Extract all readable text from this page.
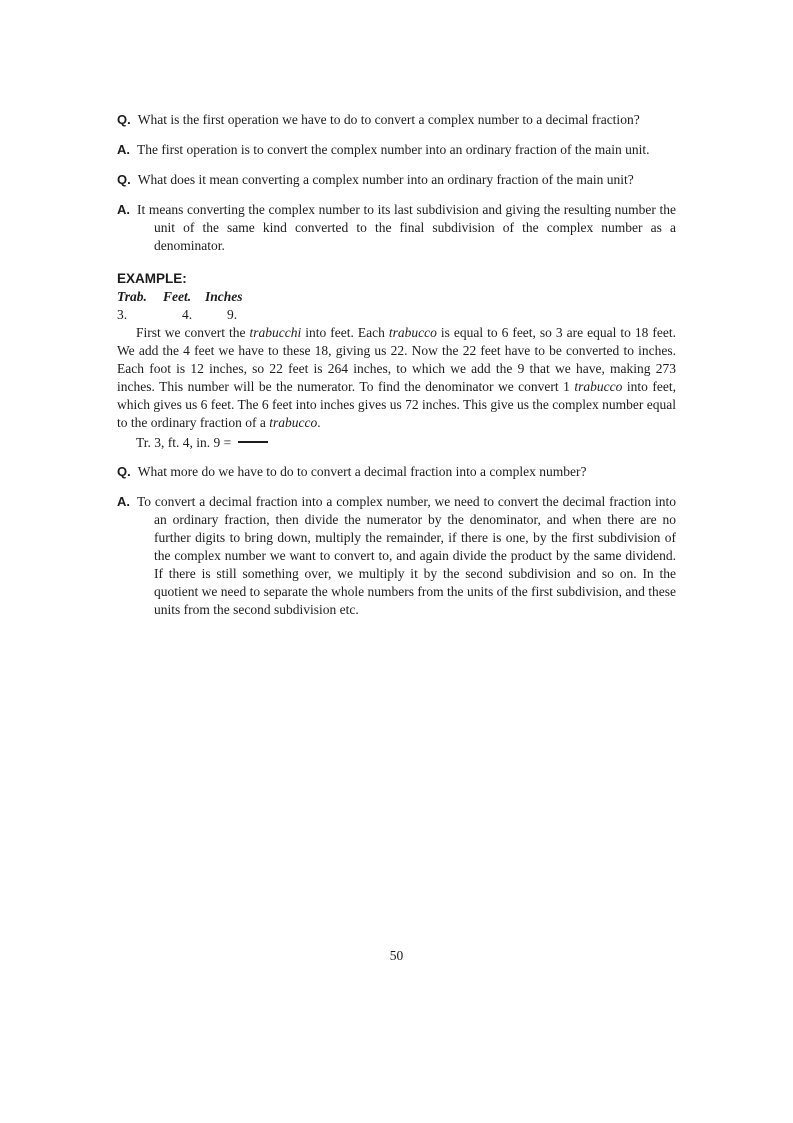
Q. What is the first operation we have to do to convert a complex number to a decimal fraction?
A. The first operation is to convert the complex number into an ordinary fraction of the main unit.
Q. What does it mean converting a complex number into an ordinary fraction of the main unit?
A. It means converting the complex number to its last subdivision and giving the resulting number the unit of the same kind converted to the final subdivision of the complex number as a denominator.
EXAMPLE:
Trab. Feet. Inches
3.	4.	9.

First we convert the trabucchi into feet. Each trabucco is equal to 6 feet, so 3 are equal to 18 feet. We add the 4 feet we have to these 18, giving us 22. Now the 22 feet have to be converted to inches. Each foot is 12 inches, so 22 feet is 264 inches, to which we add the 9 that we have, making 273 inches. This number will be the numerator. To find the denominator we convert 1 trabucco into feet, which gives us 6 feet. The 6 feet into inches gives us 72 inches. This give us the complex number equal to the ordinary fraction of a trabucco.

Tr. 3, ft. 4, in. 9 =
Q. What more do we have to do to convert a decimal fraction into a complex number?
A. To convert a decimal fraction into a complex number, we need to convert the decimal fraction into an ordinary fraction, then divide the numerator by the denominator, and when there are no further digits to bring down, multiply the remainder, if there is one, by the first subdivision of the complex number we want to convert to, and again divide the product by the same dividend. If there is still something over, we multiply it by the second subdivision and so on. In the quotient we need to separate the whole numbers from the units of the first subdivision, and these units from the second subdivision etc.
50
